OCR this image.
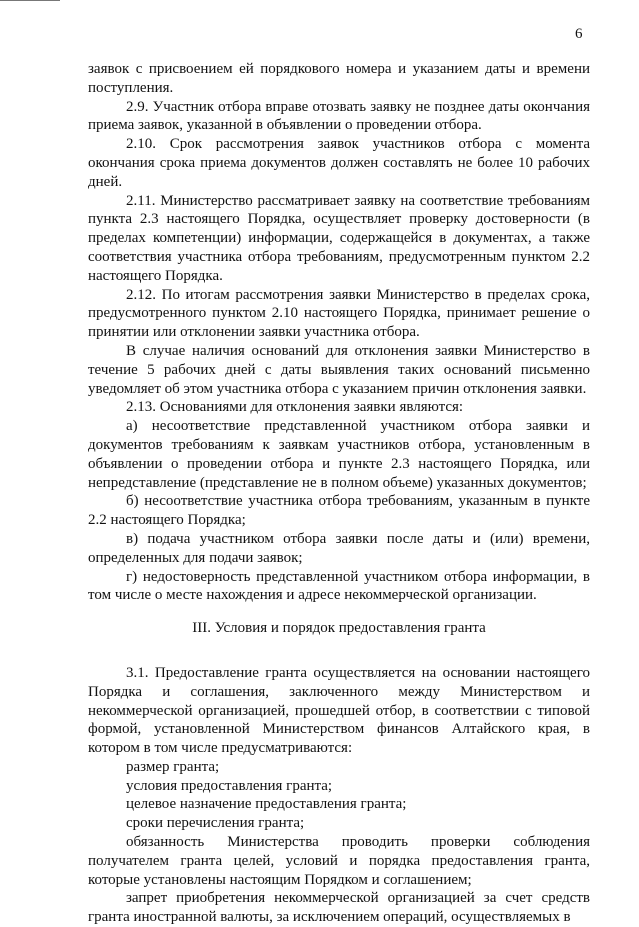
6

заявок с присвоением ей порядкового номера и указанием даты и времени поступления.

2.9. Участник отбора вправе отозвать заявку не позднее даты окончания приема заявок, указанной в объявлении о проведении отбора.

2.10. Срок рассмотрения заявок участников отбора с момента окончания срока приема документов должен составлять не более 10 рабочих дней.

2.11. Министерство рассматривает заявку на соответствие требованиям пункта 2.3 настоящего Порядка, осуществляет проверку достоверности (в пределах компетенции) информации, содержащейся в документах, а также соответствия участника отбора требованиям, предусмотренным пунктом 2.2 настоящего Порядка.

2.12. По итогам рассмотрения заявки Министерство в пределах срока, предусмотренного пунктом 2.10 настоящего Порядка, принимает решение о принятии или отклонении заявки участника отбора.

В случае наличия оснований для отклонения заявки Министерство в течение 5 рабочих дней с даты выявления таких оснований письменно уведомляет об этом участника отбора с указанием причин отклонения заявки.

2.13. Основаниями для отклонения заявки являются:

а) несоответствие представленной участником отбора заявки и документов требованиям к заявкам участников отбора, установленным в объявлении о проведении отбора и пункте 2.3 настоящего Порядка, или непредставление (представление не в полном объеме) указанных документов;

б) несоответствие участника отбора требованиям, указанным в пункте 2.2 настоящего Порядка;

в) подача участником отбора заявки после даты и (или) времени, определенных для подачи заявок;

г) недостоверность представленной участником отбора информации, в том числе о месте нахождения и адресе некоммерческой организации.

III. Условия и порядок предоставления гранта

3.1. Предоставление гранта осуществляется на основании настоящего Порядка и соглашения, заключенного между Министерством и некоммерческой организацией, прошедшей отбор, в соответствии с типовой формой, установленной Министерством финансов Алтайского края, в котором в том числе предусматриваются:

размер гранта;

условия предоставления гранта;

целевое назначение предоставления гранта;

сроки перечисления гранта;

обязанность Министерства проводить проверки соблюдения получателем гранта целей, условий и порядка предоставления гранта, которые установлены настоящим Порядком и соглашением;

запрет приобретения некоммерческой организацией за счет средств гранта иностранной валюты, за исключением операций, осуществляемых в
